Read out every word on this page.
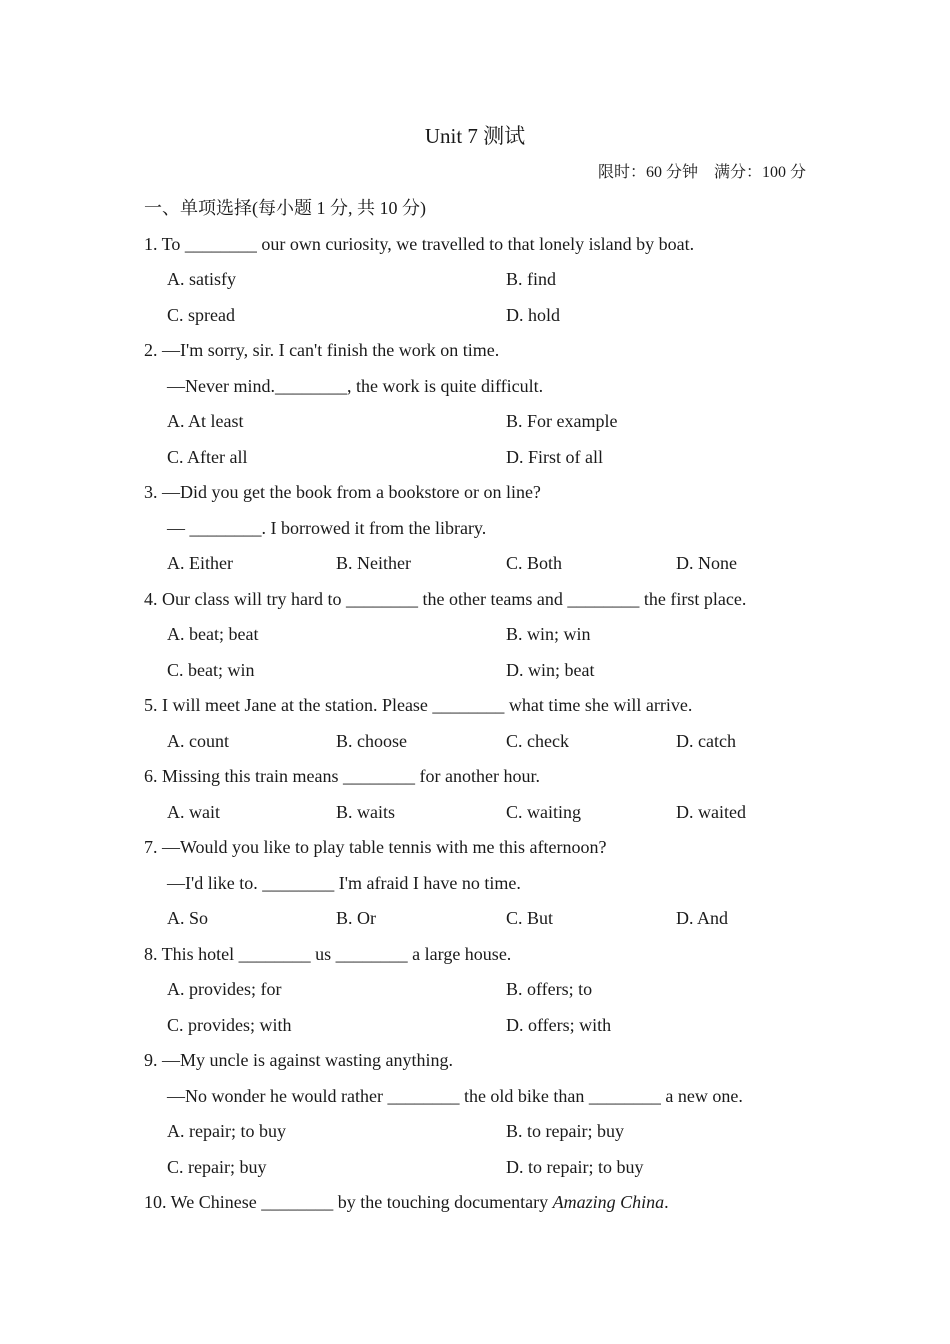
Unit 7 测试
限时：60 分钟　满分：100 分
一、单项选择(每小题 1 分, 共 10 分)
1. To ________ our own curiosity, we travelled to that lonely island by boat.
A. satisfy	B. find
C. spread	D. hold
2. —I'm sorry, sir. I can't finish the work on time.
—Never mind.________, the work is quite difficult.
A. At least	B. For example
C. After all	D. First of all
3. —Did you get the book from a bookstore or on line?
— ________. I borrowed it from the library.
A. Either	B. Neither	C. Both	D. None
4. Our class will try hard to ________ the other teams and ________ the first place.
A. beat; beat	B. win; win
C. beat; win	D. win; beat
5. I will meet Jane at the station. Please ________ what time she will arrive.
A. count	B. choose	C. check	D. catch
6. Missing this train means ________ for another hour.
A. wait	B. waits	C. waiting	D. waited
7. —Would you like to play table tennis with me this afternoon?
—I'd like to. ________ I'm afraid I have no time.
A. So	B. Or	C. But	D. And
8. This hotel ________ us ________ a large house.
A. provides; for	B. offers; to
C. provides; with	D. offers; with
9. —My uncle is against wasting anything.
—No wonder he would rather ________ the old bike than ________ a new one.
A. repair; to buy	B. to repair; buy
C. repair; buy	D. to repair; to buy
10. We Chinese ________ by the touching documentary Amazing China.
